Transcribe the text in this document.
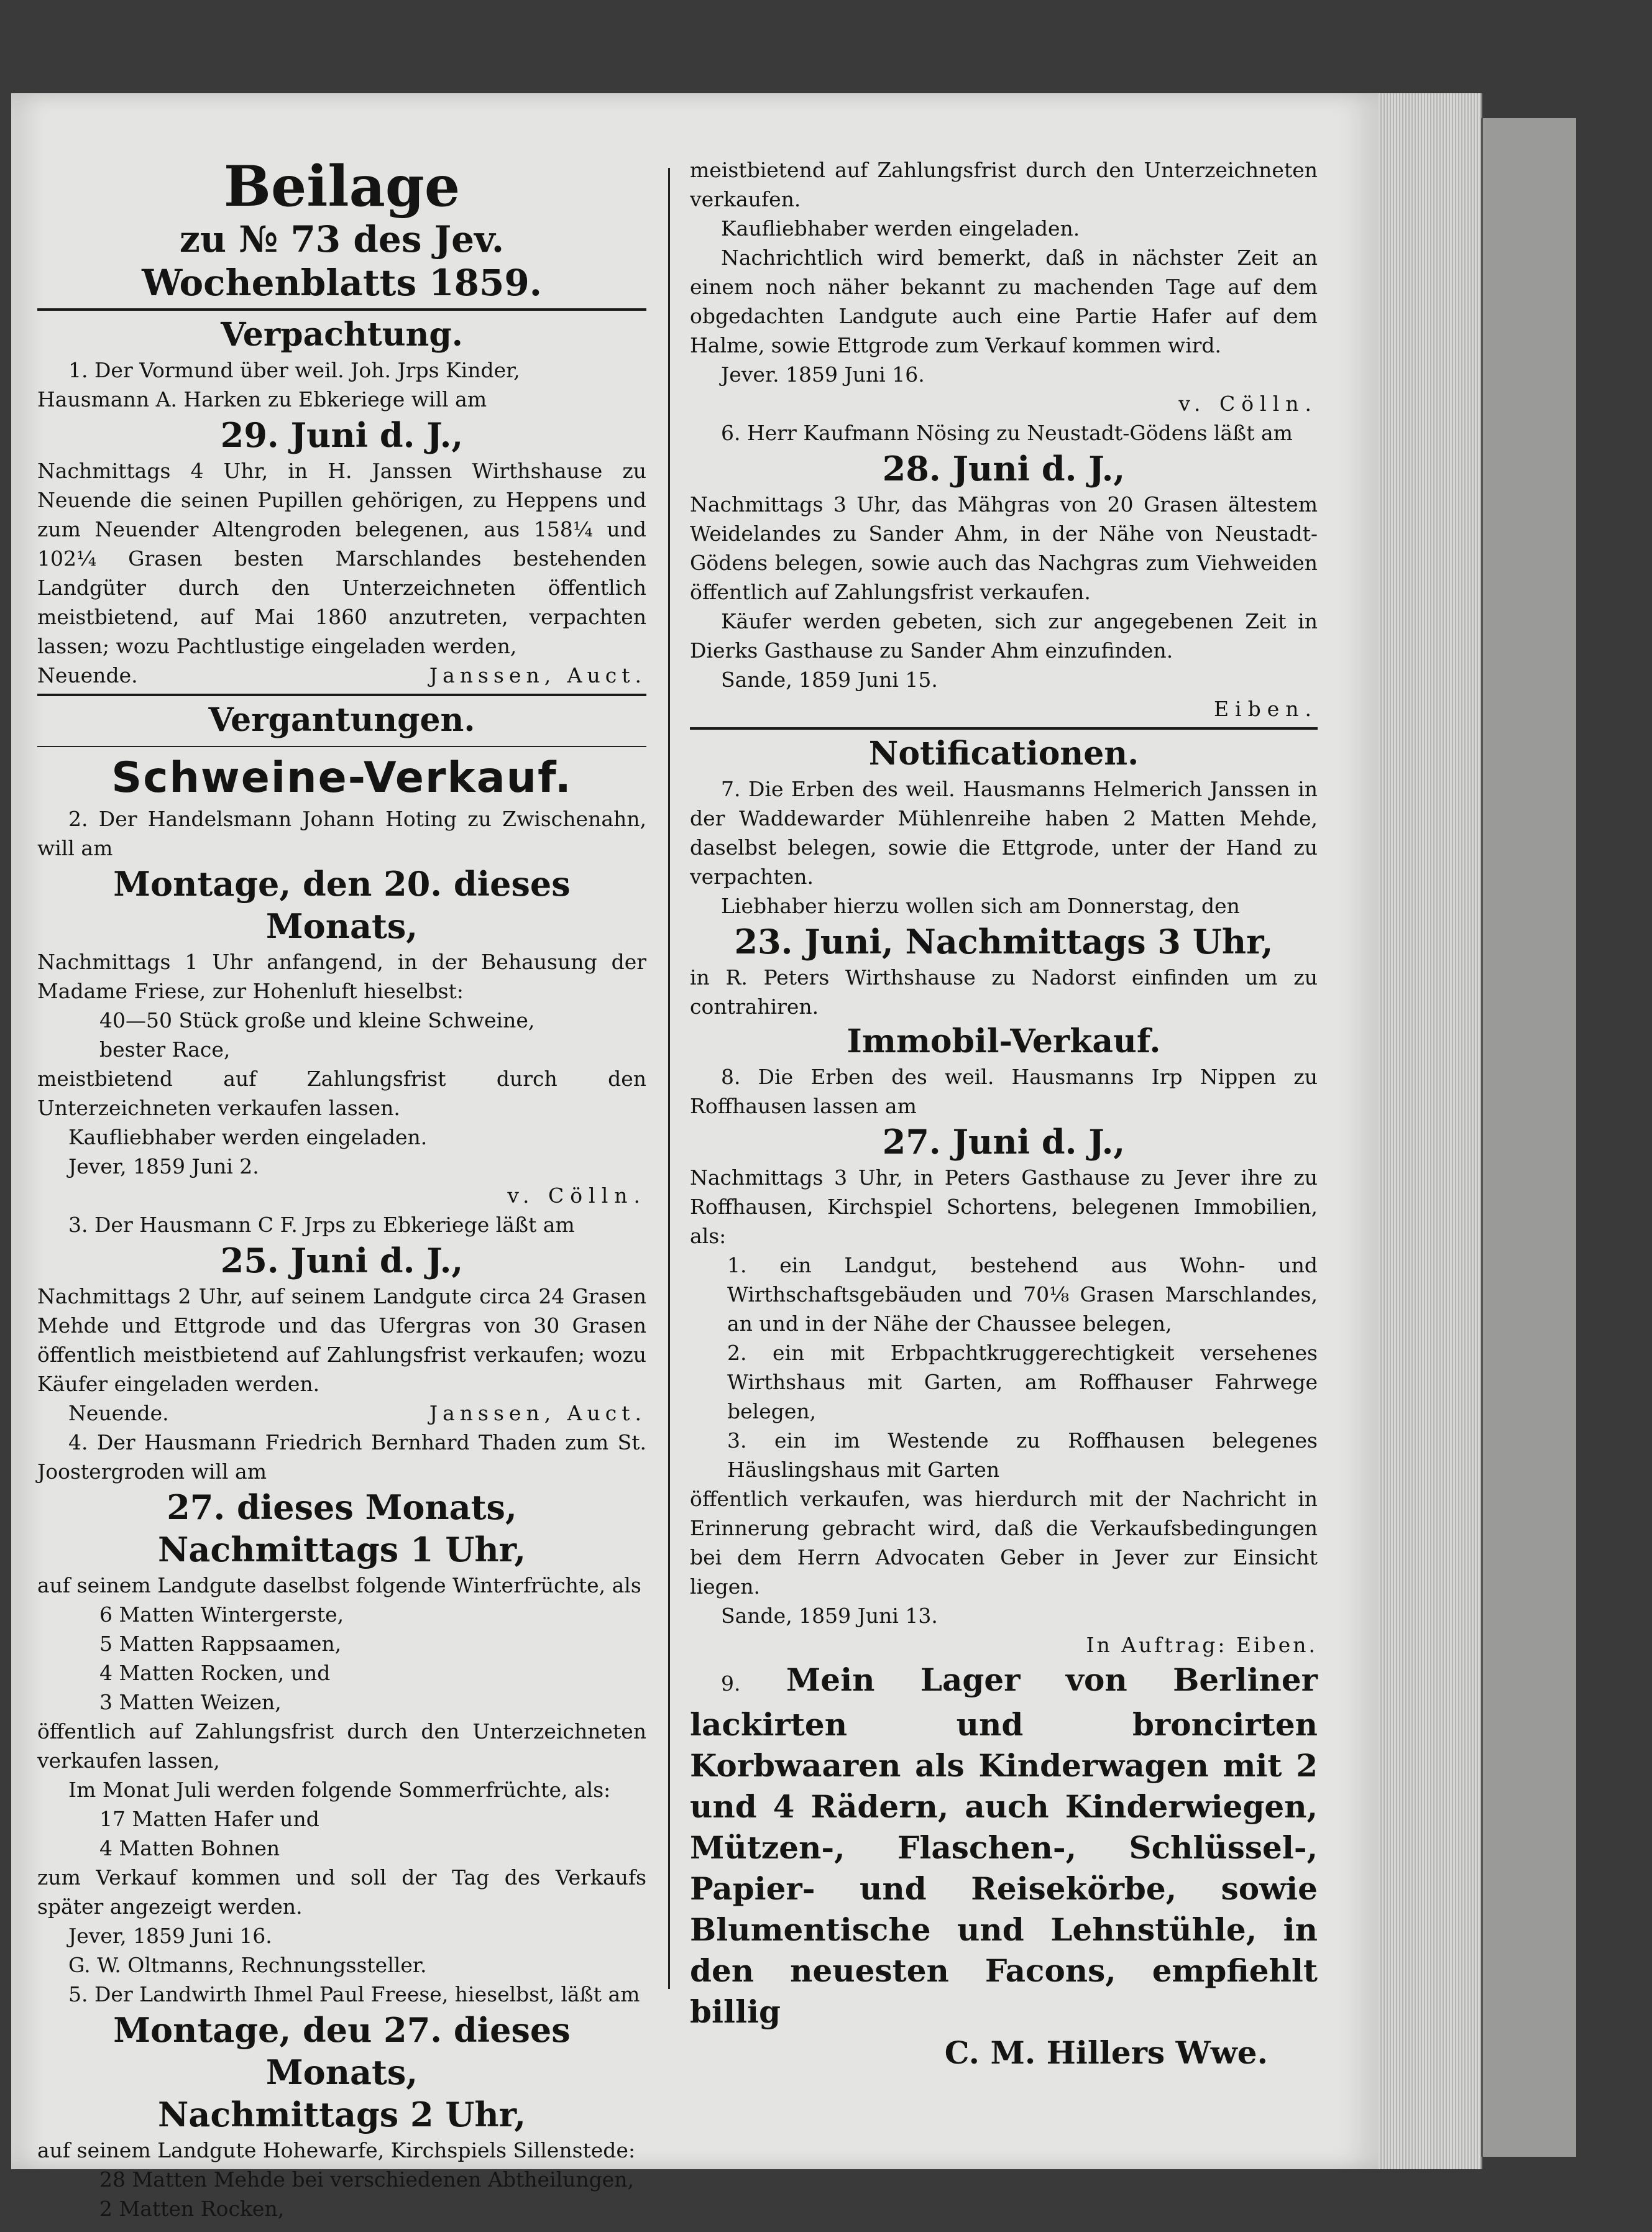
Beilage

zu № 73 des Jev. Wochenblatts 1859.

Verpachtung.

1. Der Vormund über weil. Joh. Jrps Kinder,

Hausmann A. Harken zu Ebkeriege will am

29. Juni d. J.,

Nachmittags 4 Uhr, in H. Janssen Wirthshause zu Neuende die seinen Pupillen gehörigen, zu Heppens und zum Neuender Altengroden belegenen, aus 158¼ und 102¼ Grasen besten Marschlandes bestehenden Landgüter durch den Unterzeichneten öffentlich meistbietend, auf Mai 1860 anzutreten, verpachten lassen; wozu Pachtlustige eingeladen werden,

Neuende.	Janssen, Auct.

Vergantungen.

Schweine-Verkauf.

2. Der Handelsmann Johann Hoting zu Zwischenahn, will am

Montage, den 20. dieses Monats,

Nachmittags 1 Uhr anfangend, in der Behausung der Madame Friese, zur Hohenluft hieselbst:

40—50 Stück große und kleine Schweine,

bester Race,

meistbietend auf Zahlungsfrist durch den Unterzeichneten verkaufen lassen.

Kaufliebhaber werden eingeladen.

Jever, 1859 Juni 2.

v. Cölln.

3. Der Hausmann C F. Jrps zu Ebkeriege läßt am

25. Juni d. J.,

Nachmittags 2 Uhr, auf seinem Landgute circa 24 Grasen Mehde und Ettgrode und das Ufergras von 30 Grasen öffentlich meistbietend auf Zahlungsfrist verkaufen; wozu Käufer eingeladen werden.

Neuende.	Janssen, Auct.

4. Der Hausmann Friedrich Bernhard Thaden zum St. Joostergroden will am

27. dieses Monats,

Nachmittags 1 Uhr,

auf seinem Landgute daselbst folgende Winterfrüchte, als

6 Matten Wintergerste,

5 Matten Rappsaamen,

4 Matten Rocken, und

3 Matten Weizen,

öffentlich auf Zahlungsfrist durch den Unterzeichneten verkaufen lassen,

Im Monat Juli werden folgende Sommerfrüchte, als:

17 Matten Hafer und

4 Matten Bohnen

zum Verkauf kommen und soll der Tag des Verkaufs später angezeigt werden.

Jever, 1859 Juni 16.

G. W. Oltmanns, Rechnungssteller.

5. Der Landwirth Ihmel Paul Freese, hieselbst, läßt am

Montage, deu 27. dieses Monats,

Nachmittags 2 Uhr,

auf seinem Landgute Hohewarfe, Kirchspiels Sillenstede:

28 Matten Mehde bei verschiedenen Abtheilungen,

2 Matten Rocken,

meistbietend auf Zahlungsfrist durch den Unterzeichneten verkaufen.

Kaufliebhaber werden eingeladen.

Nachrichtlich wird bemerkt, daß in nächster Zeit an einem noch näher bekannt zu machenden Tage auf dem obgedachten Landgute auch eine Partie Hafer auf dem Halme, sowie Ettgrode zum Verkauf kommen wird.

Jever. 1859 Juni 16.

v. Cölln.

6. Herr Kaufmann Nösing zu Neustadt-Gödens läßt am

28. Juni d. J.,

Nachmittags 3 Uhr, das Mähgras von 20 Grasen ältestem Weidelandes zu Sander Ahm, in der Nähe von Neustadt-Gödens belegen, sowie auch das Nachgras zum Viehweiden öffentlich auf Zahlungsfrist verkaufen.

Käufer werden gebeten, sich zur angegebenen Zeit in Dierks Gasthause zu Sander Ahm einzufinden.

Sande, 1859 Juni 15.

Eiben.

Notificationen.

7. Die Erben des weil. Hausmanns Helmerich Janssen in der Waddewarder Mühlenreihe haben 2 Matten Mehde, daselbst belegen, sowie die Ettgrode, unter der Hand zu verpachten.

Liebhaber hierzu wollen sich am Donnerstag, den

23. Juni, Nachmittags 3 Uhr,

in R. Peters Wirthshause zu Nadorst einfinden um zu contrahiren.

Immobil-Verkauf.

8. Die Erben des weil. Hausmanns Irp Nippen zu Roffhausen lassen am

27. Juni d. J.,

Nachmittags 3 Uhr, in Peters Gasthause zu Jever ihre zu Roffhausen, Kirchspiel Schortens, belegenen Immobilien, als:

1. ein Landgut, bestehend aus Wohn- und Wirthschaftsgebäuden und 70⅛ Grasen Marschlandes, an und in der Nähe der Chaussee belegen,

2. ein mit Erbpachtkruggerechtigkeit versehenes Wirthshaus mit Garten, am Roffhauser Fahrwege belegen,

3. ein im Westende zu Roffhausen belegenes Häuslingshaus mit Garten

öffentlich verkaufen, was hierdurch mit der Nachricht in Erinnerung gebracht wird, daß die Verkaufsbedingungen bei dem Herrn Advocaten Geber in Jever zur Einsicht liegen.

Sande, 1859 Juni 13.

In Auftrag: Eiben.

9. Mein Lager von Berliner lackirten und broncirten Korbwaaren als Kinderwagen mit 2 und 4 Rädern, auch Kinderwiegen, Mützen-, Flaschen-, Schlüssel-, Papier- und Reisekörbe, sowie Blumentische und Lehnstühle, in den neuesten Facons, empfiehlt billig

C. M. Hillers Wwe.
